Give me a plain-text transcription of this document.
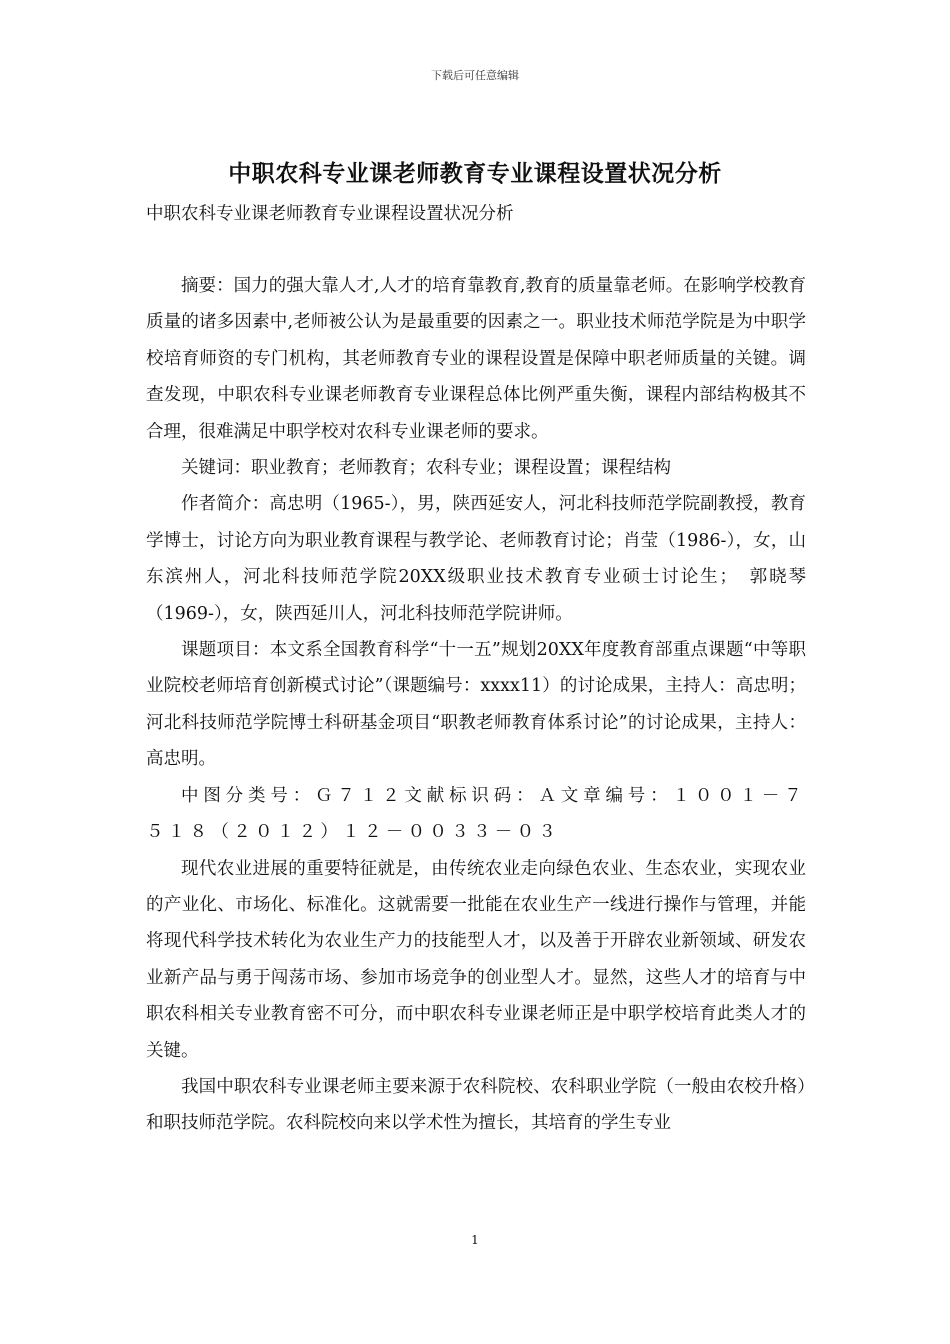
下载后可任意编辑
中职农科专业课老师教育专业课程设置状况分析
中职农科专业课老师教育专业课程设置状况分析

摘要：国力的强大靠人才,人才的培育靠教育,教育的质量靠老师。在影响学校教育质量的诸多因素中,老师被公认为是最重要的因素之一。职业技术师范学院是为中职学校培育师资的专门机构，其老师教育专业的课程设置是保障中职老师质量的关键。调查发现，中职农科专业课老师教育专业课程总体比例严重失衡，课程内部结构极其不合理，很难满足中职学校对农科专业课老师的要求。

关键词：职业教育；老师教育；农科专业；课程设置；课程结构

作者简介：高忠明（1965-），男，陕西延安人，河北科技师范学院副教授，教育学博士，讨论方向为职业教育课程与教学论、老师教育讨论；肖莹（1986-），女，山东滨州人，河北科技师范学院20XX级职业技术教育专业硕士讨论生；　郭晓琴（1969-），女，陕西延川人，河北科技师范学院讲师。

课题项目：本文系全国教育科学“十一五”规划20XX年度教育部重点课题“中等职业院校老师培育创新模式讨论”（课题编号：xxxx11）的讨论成果，主持人：高忠明；河北科技师范学院博士科研基金项目“职教老师教育体系讨论”的讨论成果，主持人：高忠明。

中图分类号：Ｇ７１２文献标识码：Ａ文章编号：１００１－７５１８（２０１２）１２－００３３－０３

现代农业进展的重要特征就是，由传统农业走向绿色农业、生态农业，实现农业的产业化、市场化、标准化。这就需要一批能在农业生产一线进行操作与管理，并能将现代科学技术转化为农业生产力的技能型人才，以及善于开辟农业新领域、研发农业新产品与勇于闯荡市场、参加市场竞争的创业型人才。显然，这些人才的培育与中职农科相关专业教育密不可分，而中职农科专业课老师正是中职学校培育此类人才的关键。

我国中职农科专业课老师主要来源于农科院校、农科职业学院（一般由农校升格）和职技师范学院。农科院校向来以学术性为擅长，其培育的学生专业

1
